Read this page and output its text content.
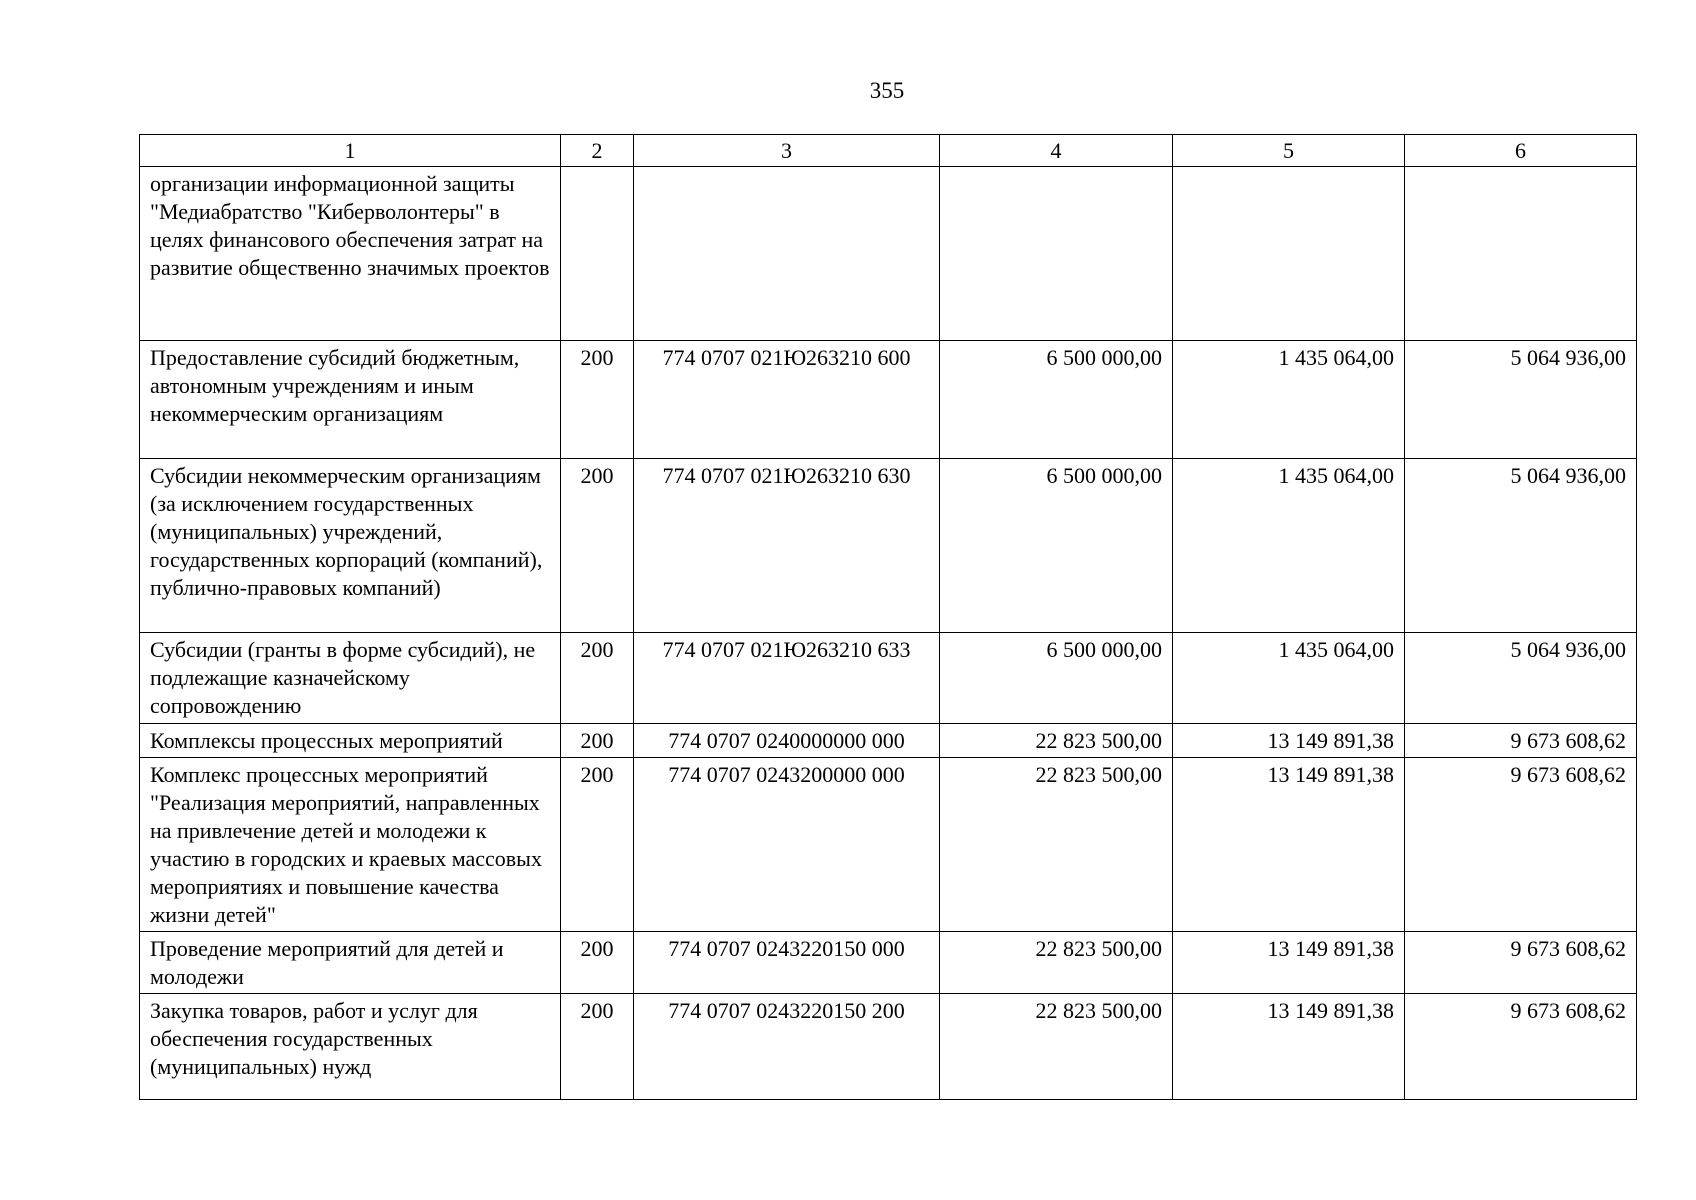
355
1	2	3	4	5	6
организации информационной защиты "Медиабратство "Киберволонтеры" в целях финансового обеспечения затрат на развитие общественно значимых проектов					
Предоставление субсидий бюджетным, автономным учреждениям и иным некоммерческим организациям	200	774 0707 021Ю263210 600	6 500 000,00	1 435 064,00	5 064 936,00
Субсидии некоммерческим организациям (за исключением государственных (муниципальных) учреждений, государственных корпораций (компаний), публично-правовых компаний)	200	774 0707 021Ю263210 630	6 500 000,00	1 435 064,00	5 064 936,00
Субсидии (гранты в форме субсидий), не подлежащие казначейскому сопровождению	200	774 0707 021Ю263210 633	6 500 000,00	1 435 064,00	5 064 936,00
Комплексы процессных мероприятий	200	774 0707 0240000000 000	22 823 500,00	13 149 891,38	9 673 608,62
Комплекс процессных мероприятий "Реализация мероприятий, направленных на привлечение детей и молодежи к участию в городских и краевых массовых мероприятиях и повышение качества жизни детей"	200	774 0707 0243200000 000	22 823 500,00	13 149 891,38	9 673 608,62
Проведение мероприятий для детей и молодежи	200	774 0707 0243220150 000	22 823 500,00	13 149 891,38	9 673 608,62
Закупка товаров, работ и услуг для обеспечения государственных (муниципальных) нужд	200	774 0707 0243220150 200	22 823 500,00	13 149 891,38	9 673 608,62
